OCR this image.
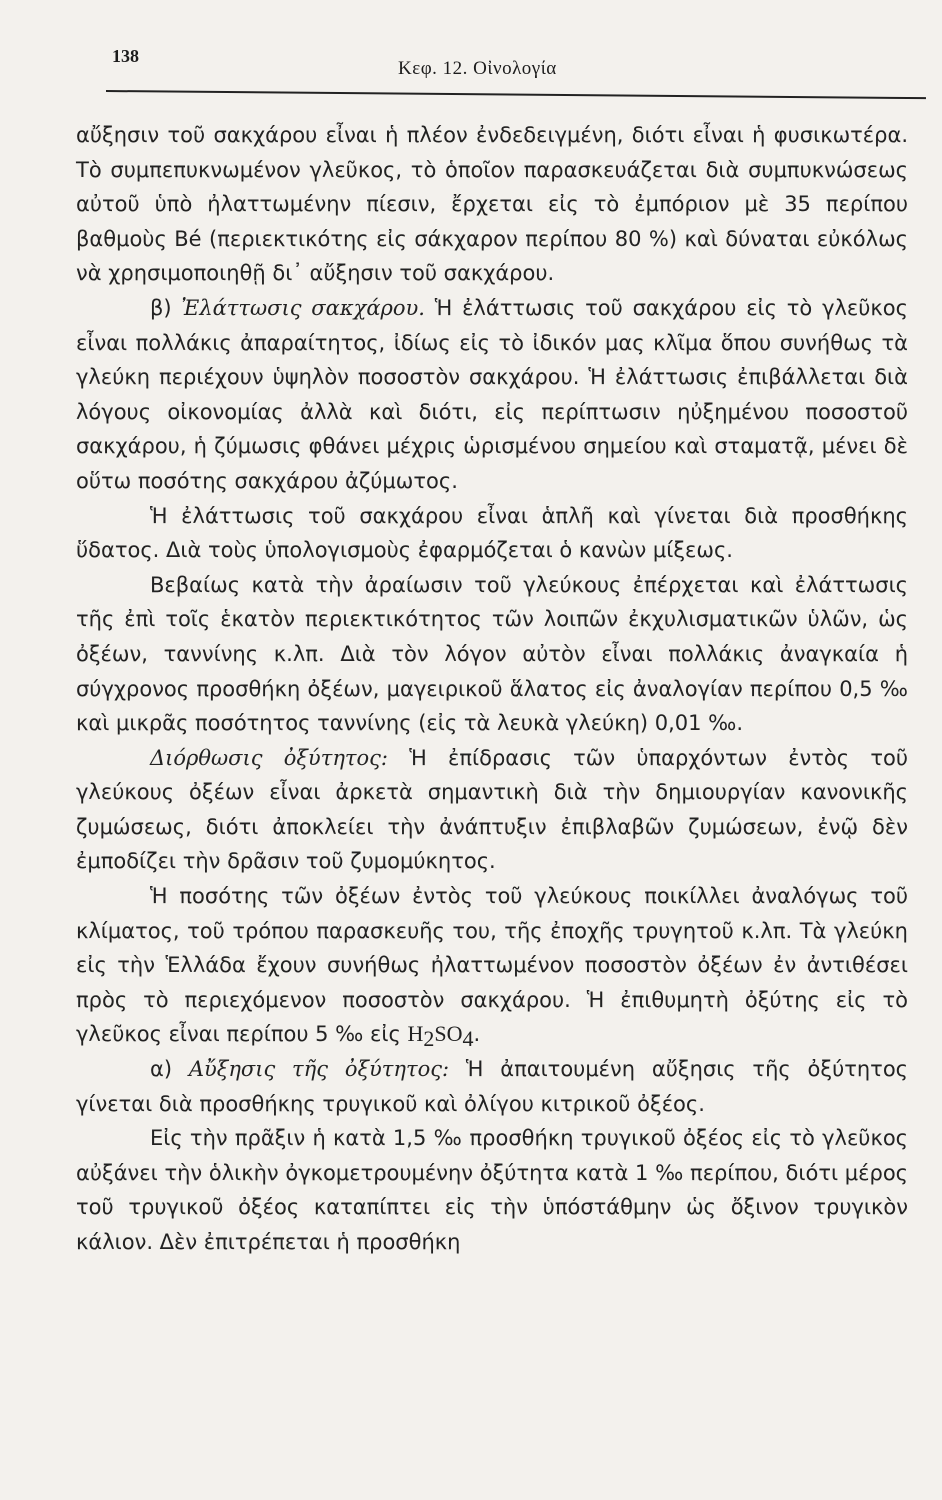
138
Κεφ. 12. Οἰνολογία

αὔξησιν τοῦ σακχάρου εἶναι ἡ πλέον ἐνδεδειγμένη, διότι εἶναι ἡ φυσικωτέρα. Τὸ συμπεπυκνωμένον γλεῦκος, τὸ ὁποῖον παρασκευάζεται διὰ συμπυκνώσεως αὐτοῦ ὑπὸ ἠλαττωμένην πίεσιν, ἔρχεται εἰς τὸ ἐμπόριον μὲ 35 περίπου βαθμοὺς Bé (περιεκτικότης εἰς σάκχαρον περίπου 80 %) καὶ δύναται εὐκόλως νὰ χρησιμοποιηθῇ δι᾽ αὔξησιν τοῦ σακχάρου.

β) Ἐλάττωσις σακχάρου. Ἡ ἐλάττωσις τοῦ σακχάρου εἰς τὸ γλεῦκος εἶναι πολλάκις ἀπαραίτητος, ἰδίως εἰς τὸ ἰδικόν μας κλῖμα ὅπου συνήθως τὰ γλεύκη περιέχουν ὑψηλὸν ποσοστὸν σακχάρου. Ἡ ἐλάττωσις ἐπιβάλλεται διὰ λόγους οἰκονομίας ἀλλὰ καὶ διότι, εἰς περίπτωσιν ηὐξημένου ποσοστοῦ σακχάρου, ἡ ζύμωσις φθάνει μέχρις ὡρισμένου σημείου καὶ σταματᾷ, μένει δὲ οὕτω ποσότης σακχάρου ἀζύμωτος.

Ἡ ἐλάττωσις τοῦ σακχάρου εἶναι ἁπλῆ καὶ γίνεται διὰ προσθήκης ὕδατος. Διὰ τοὺς ὑπολογισμοὺς ἐφαρμόζεται ὁ κανὼν μίξεως.

Βεβαίως κατὰ τὴν ἀραίωσιν τοῦ γλεύκους ἐπέρχεται καὶ ἐλάττωσις τῆς ἐπὶ τοῖς ἑκατὸν περιεκτικότητος τῶν λοιπῶν ἐκχυλισματικῶν ὑλῶν, ὡς ὀξέων, ταννίνης κ.λπ. Διὰ τὸν λόγον αὐτὸν εἶναι πολλάκις ἀναγκαία ἡ σύγχρονος προσθήκη ὀξέων, μαγειρικοῦ ἅλατος εἰς ἀναλογίαν περίπου 0,5 ‰ καὶ μικρᾶς ποσότητος ταννίνης (εἰς τὰ λευκὰ γλεύκη) 0,01 ‰.

Διόρθωσις ὀξύτητος: Ἡ ἐπίδρασις τῶν ὑπαρχόντων ἐντὸς τοῦ γλεύκους ὀξέων εἶναι ἀρκετὰ σημαντικὴ διὰ τὴν δημιουργίαν κανονικῆς ζυμώσεως, διότι ἀποκλείει τὴν ἀνάπτυξιν ἐπιβλαβῶν ζυμώσεων, ἐνῷ δὲν ἐμποδίζει τὴν δρᾶσιν τοῦ ζυμομύκητος.

Ἡ ποσότης τῶν ὀξέων ἐντὸς τοῦ γλεύκους ποικίλλει ἀναλόγως τοῦ κλίματος, τοῦ τρόπου παρασκευῆς του, τῆς ἐποχῆς τρυγητοῦ κ.λπ. Τὰ γλεύκη εἰς τὴν Ἑλλάδα ἔχουν συνήθως ἠλαττωμένον ποσοστὸν ὀξέων ἐν ἀντιθέσει πρὸς τὸ περιεχόμενον ποσοστὸν σακχάρου. Ἡ ἐπιθυμητὴ ὀξύτης εἰς τὸ γλεῦκος εἶναι περίπου 5 ‰ εἰς $H_2SO_4$.

α) Αὔξησις τῆς ὀξύτητος: Ἡ ἀπαιτουμένη αὔξησις τῆς ὀξύτητος γίνεται διὰ προσθήκης τρυγικοῦ καὶ ὀλίγου κιτρικοῦ ὀξέος.

Εἰς τὴν πρᾶξιν ἡ κατὰ 1,5 ‰ προσθήκη τρυγικοῦ ὀξέος εἰς τὸ γλεῦκος αὐξάνει τὴν ὁλικὴν ὀγκομετρουμένην ὀξύτητα κατὰ 1 ‰ περίπου, διότι μέρος τοῦ τρυγικοῦ ὀξέος καταπίπτει εἰς τὴν ὑπόστάθμην ὡς ὄξινον τρυγικὸν κάλιον. Δὲν ἐπιτρέπεται ἡ προσθήκη
